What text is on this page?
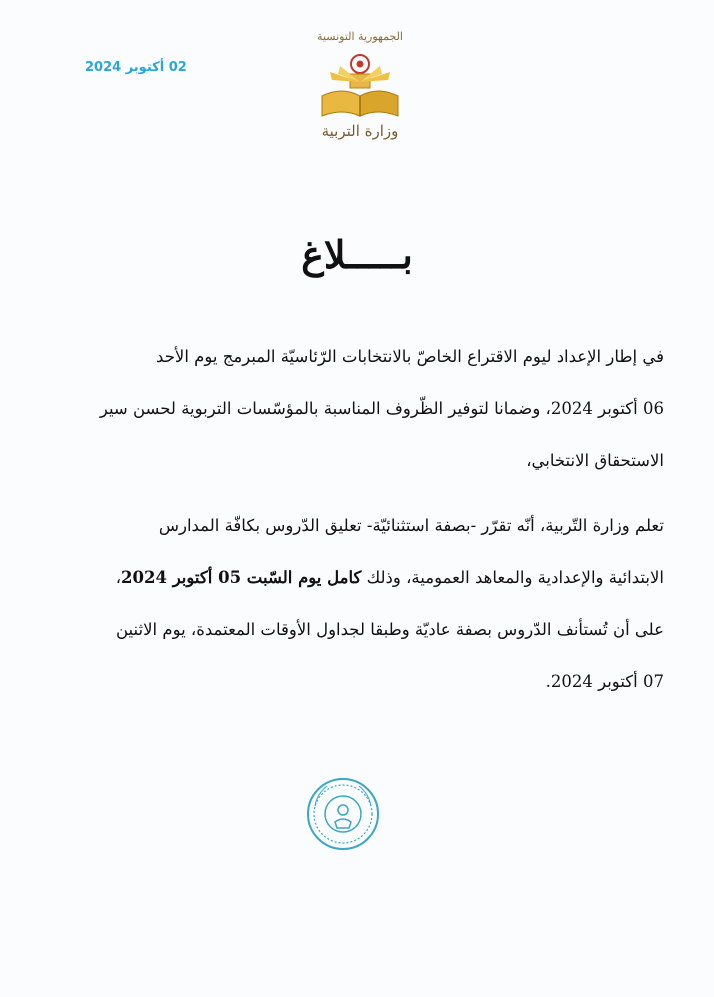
02 أكتوبر 2024
الجمهورية التونسية
وزارة التربية
بـــــلاغ
في إطار الإعداد ليوم الاقتراع الخاصّ بالانتخابات الرّئاسيّة المبرمج يوم الأحد
06 أكتوبر 2024، وضمانا لتوفير الظّروف المناسبة بالمؤسّسات التربوية لحسن سير
الاستحقاق الانتخابي،
تعلم وزارة التّربية، أنّه تقرّر -بصفة استثنائيّة- تعليق الدّروس بكافّة المدارس
الابتدائية والإعدادية والمعاهد العمومية، وذلك كامل يوم السّبت 05 أكتوبر 2024،
على أن تُستأنف الدّروس بصفة عاديّة وطبقا لجداول الأوقات المعتمدة، يوم الاثنين
07 أكتوبر 2024.
